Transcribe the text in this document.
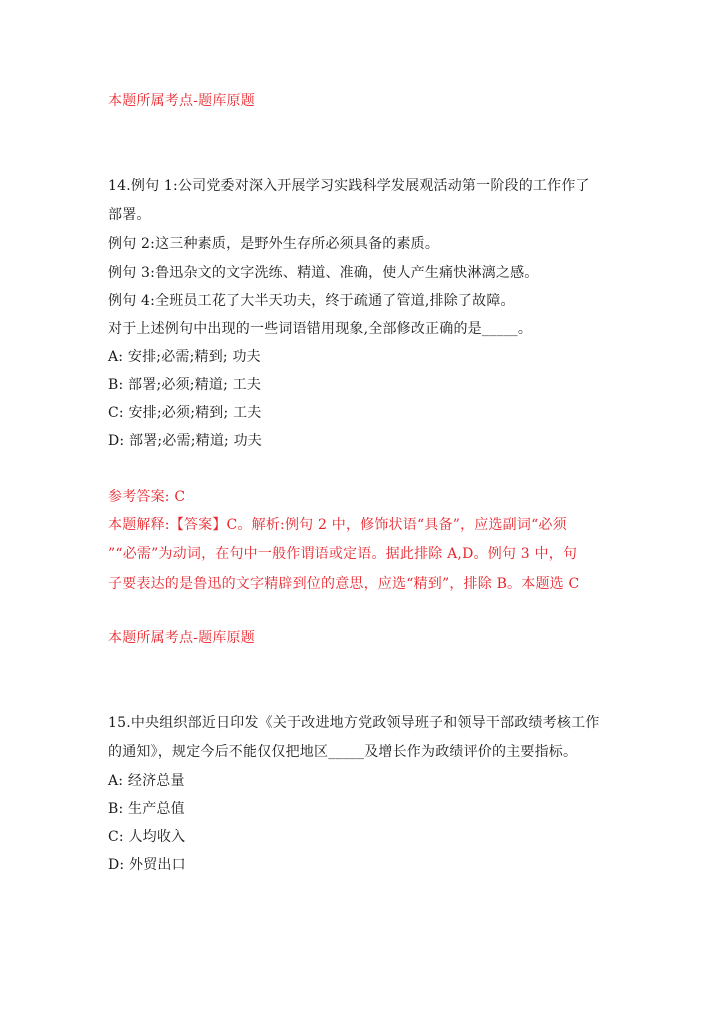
本题所属考点-题库原题
14.例句 1:公司党委对深入开展学习实践科学发展观活动第一阶段的工作作了
部署。
例句 2:这三种素质，是野外生存所必须具备的素质。
例句 3:鲁迅杂文的文字洗练、精道、准确，使人产生痛快淋漓之感。
例句 4:全班员工花了大半天功夫，终于疏通了管道,排除了故障。
对于上述例句中出现的一些词语错用现象,全部修改正确的是_____。
A: 安排;必需;精到; 功夫
B: 部署;必须;精道; 工夫
C: 安排;必须;精到; 工夫
D: 部署;必需;精道; 功夫
参考答案: C
本题解释:【答案】C。解析:例句 2 中，修饰状语“具备”，应选副词“必须
”“必需”为动词，在句中一般作谓语或定语。据此排除 A,D。例句 3 中，句
子要表达的是鲁迅的文字精辟到位的意思，应选“精到”，排除 B。本题选 C
本题所属考点-题库原题
15.中央组织部近日印发《关于改进地方党政领导班子和领导干部政绩考核工作
的通知》，规定今后不能仅仅把地区_____及增长作为政绩评价的主要指标。
A: 经济总量
B: 生产总值
C: 人均收入
D: 外贸出口
